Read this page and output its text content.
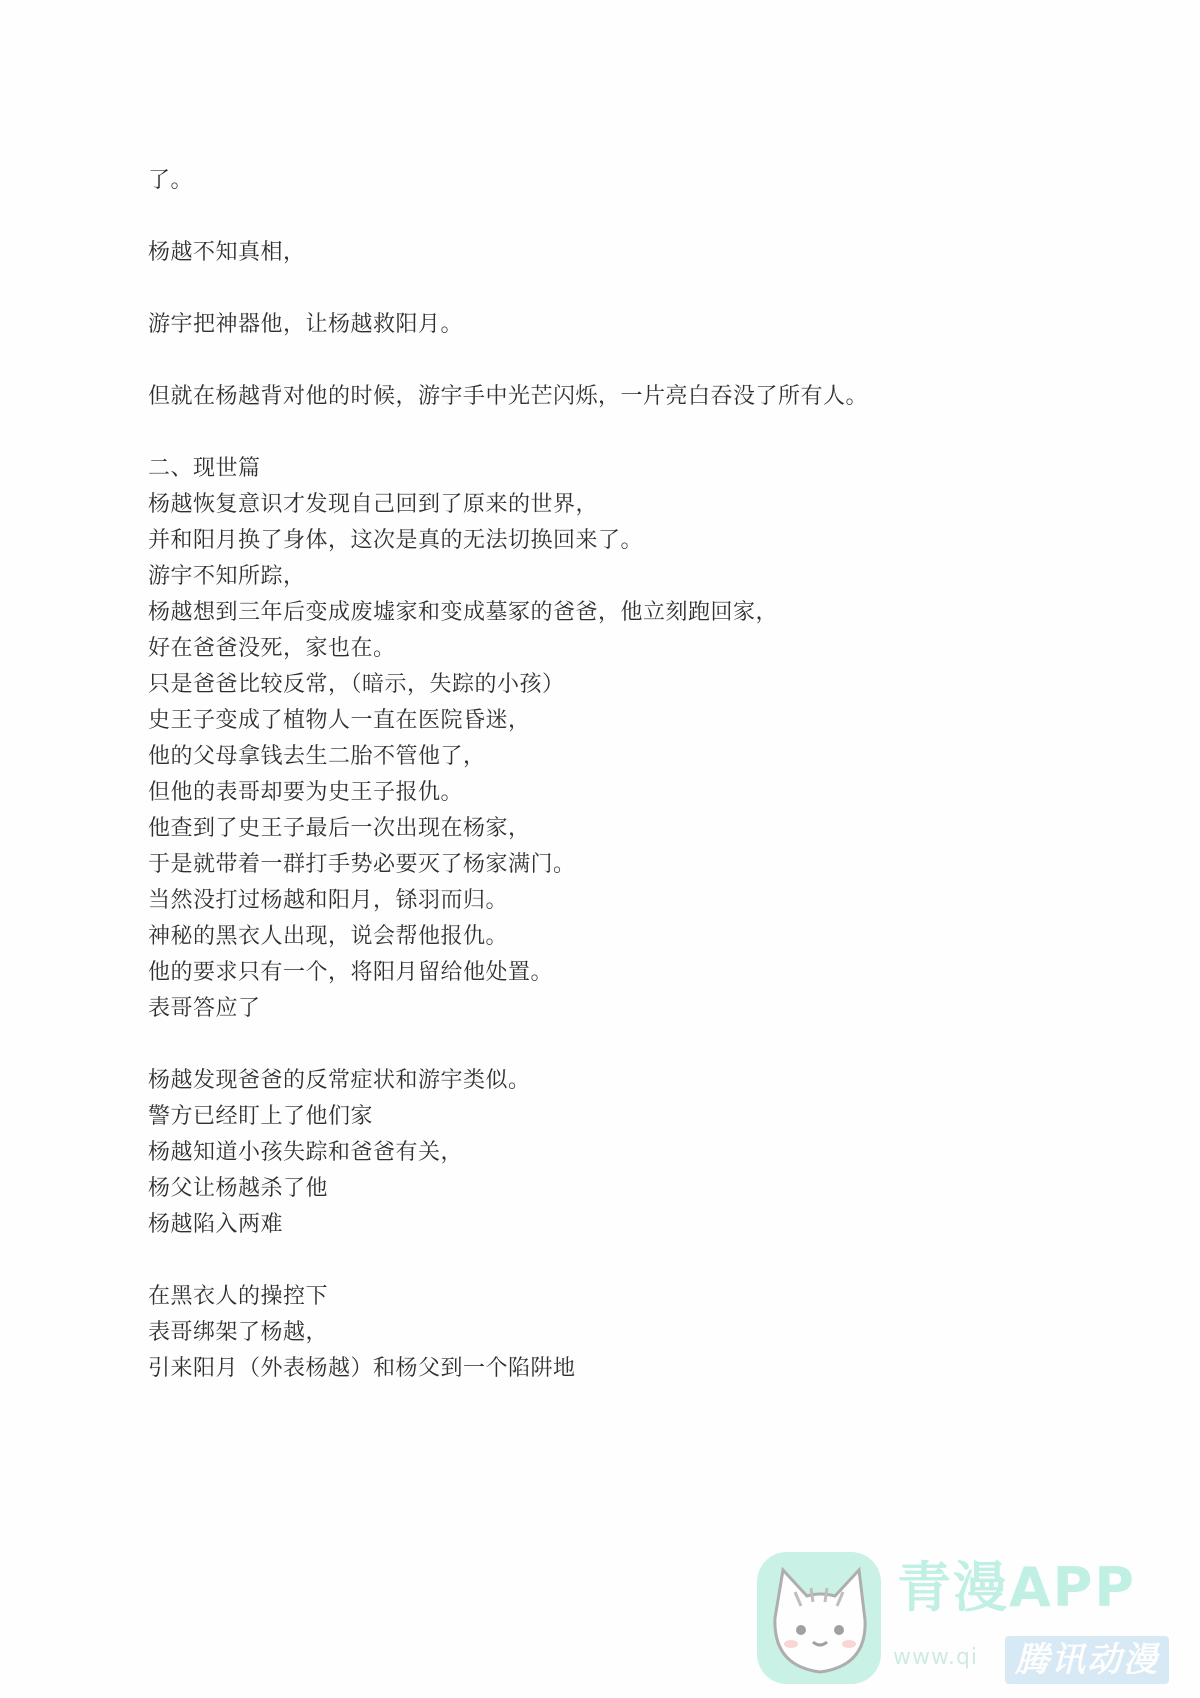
了。
杨越不知真相，
游宇把神器他，让杨越救阳月。
但就在杨越背对他的时候，游宇手中光芒闪烁，一片亮白吞没了所有人。
二、现世篇
杨越恢复意识才发现自己回到了原来的世界，
并和阳月换了身体，这次是真的无法切换回来了。
游宇不知所踪，
杨越想到三年后变成废墟家和变成墓冢的爸爸，他立刻跑回家，
好在爸爸没死，家也在。
只是爸爸比较反常，（暗示，失踪的小孩）
史王子变成了植物人一直在医院昏迷，
他的父母拿钱去生二胎不管他了，
但他的表哥却要为史王子报仇。
他查到了史王子最后一次出现在杨家，
于是就带着一群打手势必要灭了杨家满门。
当然没打过杨越和阳月，铩羽而归。
神秘的黑衣人出现，说会帮他报仇。
他的要求只有一个，将阳月留给他处置。
表哥答应了
杨越发现爸爸的反常症状和游宇类似。
警方已经盯上了他们家
杨越知道小孩失踪和爸爸有关，
杨父让杨越杀了他
杨越陷入两难
在黑衣人的操控下
表哥绑架了杨越，
引来阳月（外表杨越）和杨父到一个陷阱地
青漫APP
www.qi 腾讯动漫
